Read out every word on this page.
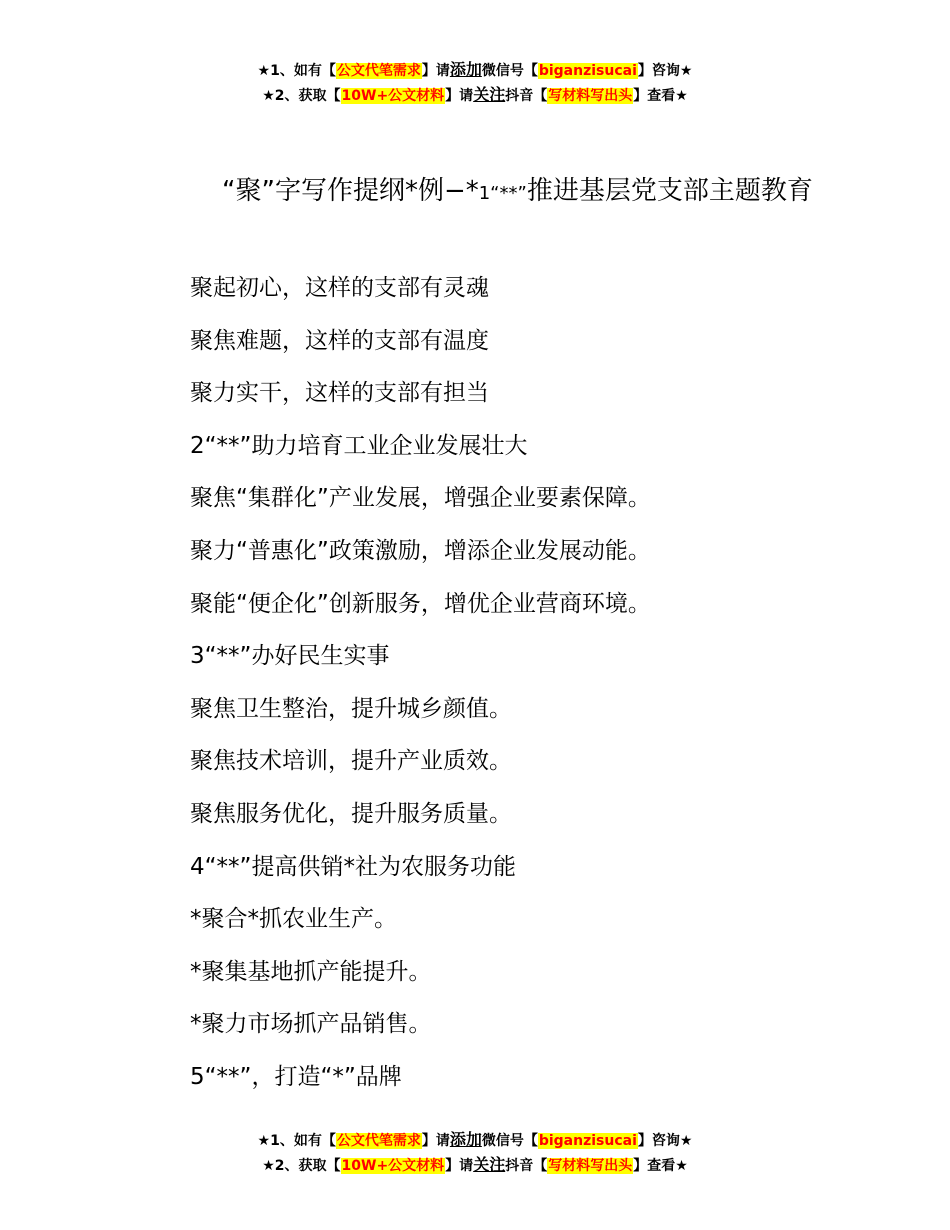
★1、如有【公文代笔需求】请添加微信号【biganzisucai】咨询★
★2、获取【10W+公文材料】请关注抖音【写材料写出头】查看★
“聚”字写作提纲*例−*1“**”推进基层党支部主题教育
聚起初心，这样的支部有灵魂
聚焦难题，这样的支部有温度
聚力实干，这样的支部有担当
2“**”助力培育工业企业发展壮大
聚焦“集群化”产业发展，增强企业要素保障。
聚力“普惠化”政策激励，增添企业发展动能。
聚能“便企化”创新服务，增优企业营商环境。
3“**”办好民生实事
聚焦卫生整治，提升城乡颜值。
聚焦技术培训，提升产业质效。
聚焦服务优化，提升服务质量。
4“**”提高供销*社为农服务功能
*聚合*抓农业生产。
*聚集基地抓产能提升。
*聚力市场抓产品销售。
5“**”，打造“*”品牌
★1、如有【公文代笔需求】请添加微信号【biganzisucai】咨询★
★2、获取【10W+公文材料】请关注抖音【写材料写出头】查看★
